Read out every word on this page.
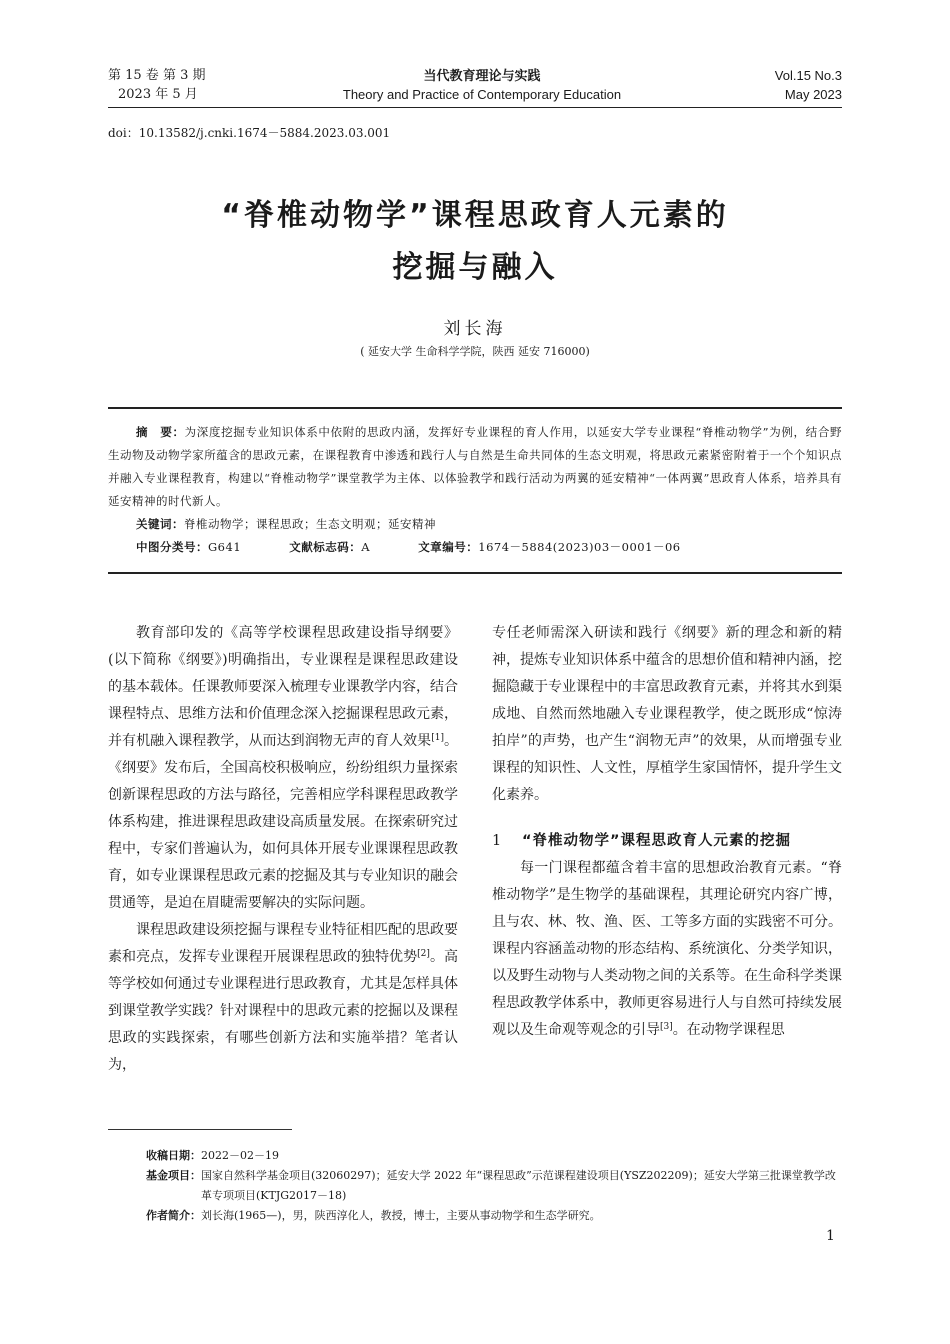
第 15 卷 第 3 期
2023 年 5 月
当代教育理论与实践
Theory and Practice of Contemporary Education
Vol.15 No.3
May 2023
doi：10.13582/j.cnki.1674－5884.2023.03.001
“脊椎动物学”课程思政育人元素的
挖掘与融入
刘长海
( 延安大学 生命科学学院，陕西 延安 716000)
摘　要：为深度挖掘专业知识体系中依附的思政内涵，发挥好专业课程的育人作用，以延安大学专业课程“脊椎动物学”为例，结合野生动物及动物学家所蕴含的思政元素，在课程教育中渗透和践行人与自然是生命共同体的生态文明观，将思政元素紧密附着于一个个知识点并融入专业课程教育，构建以“脊椎动物学”课堂教学为主体、以体验教学和践行活动为两翼的延安精神“一体两翼”思政育人体系，培养具有延安精神的时代新人。
关键词：脊椎动物学；课程思政；生态文明观；延安精神
中图分类号：G641	文献标志码：A	文章编号：1674－5884(2023)03－0001－06

教育部印发的《高等学校课程思政建设指导纲要》(以下简称《纲要》)明确指出，专业课程是课程思政建设的基本载体。任课教师要深入梳理专业课教学内容，结合课程特点、思维方法和价值理念深入挖掘课程思政元素，并有机融入课程教学，从而达到润物无声的育人效果[1]。《纲要》发布后，全国高校积极响应，纷纷组织力量探索创新课程思政的方法与路径，完善相应学科课程思政教学体系构建，推进课程思政建设高质量发展。在探索研究过程中，专家们普遍认为，如何具体开展专业课课程思政教育，如专业课课程思政元素的挖掘及其与专业知识的融会贯通等，是迫在眉睫需要解决的实际问题。

课程思政建设须挖掘与课程专业特征相匹配的思政要素和亮点，发挥专业课程开展课程思政的独特优势[2]。高等学校如何通过专业课程进行思政教育，尤其是怎样具体到课堂教学实践？针对课程中的思政元素的挖掘以及课程思政的实践探索，有哪些创新方法和实施举措？笔者认为，

专任老师需深入研读和践行《纲要》新的理念和新的精神，提炼专业知识体系中蕴含的思想价值和精神内涵，挖掘隐藏于专业课程中的丰富思政教育元素，并将其水到渠成地、自然而然地融入专业课程教学，使之既形成“惊涛拍岸”的声势，也产生“润物无声”的效果，从而增强专业课程的知识性、人文性，厚植学生家国情怀，提升学生文化素养。

1	“脊椎动物学”课程思政育人元素的挖掘

每一门课程都蕴含着丰富的思想政治教育元素。“脊椎动物学”是生物学的基础课程，其理论研究内容广博，且与农、林、牧、渔、医、工等多方面的实践密不可分。课程内容涵盖动物的形态结构、系统演化、分类学知识，以及野生动物与人类动物之间的关系等。在生命科学类课程思政教学体系中，教师更容易进行人与自然可持续发展观以及生命观等观念的引导[3]。在动物学课程思

收稿日期： 2022－02－19
基金项目： 国家自然科学基金项目(32060297)；延安大学 2022 年“课程思政”示范课程建设项目(YSZ202209)；延安大学第三批课堂教学改革专项项目(KTJG2017－18)
作者简介： 刘长海(1965—)，男，陕西淳化人，教授，博士，主要从事动物学和生态学研究。
1
